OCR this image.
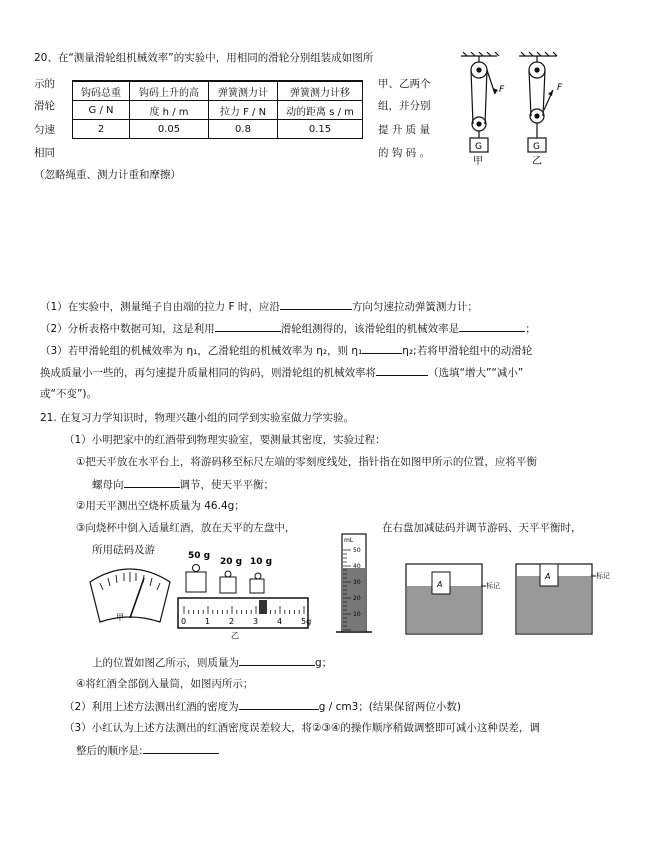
20、在“测量滑轮组机械效率”的实验中，用相同的滑轮分别组装成如图所
示的
滑轮
匀速
相同
钩码总重	钩码上升的高	弹簧测力计	弹簧测力计移
G / N	度 h / m	拉力 F / N	动的距离 s / m
2	0.05	0.8	0.15
甲、乙两个
组，并分别
提 升 质 量
的 钩 码 。
F	F
G	G
甲	乙
（忽略绳重、测力计重和摩擦）
（1）在实验中，测量绳子自由端的拉力 F 时，应沿	方向匀速拉动弹簧测力计；
（2）分析表格中数据可知，这是利用	滑轮组测得的，该滑轮组的机械效率是	；
（3）若甲滑轮组的机械效率为 η₁，乙滑轮组的机械效率为 η₂，则 η₁	η₂;若将甲滑轮组中的动滑轮
换成质量小一些的，再匀速提升质量相同的钩码，则滑轮组的机械效率将	（选填“增大”“减小”
或“不变”)。
21. 在复习力学知识时，物理兴趣小组的同学到实验室做力学实验。
（1）小明把家中的红酒带到物理实验室，要测量其密度，实验过程：
①把天平放在水平台上，将游码移至标尺左端的零刻度线处，指针指在如图甲所示的位置，应将平衡
螺母向	调节，使天平平衡；
②用天平测出空烧杯质量为 46.4g；
③向烧杯中倒入适量红酒，放在天平的左盘中，	在右盘加减砝码并调节游码、天平平衡时，
所用砝码及游
甲
50 g
20 g 10 g
0 1 2 3 4 5g
乙
mL
50
40
30
20
10
A	标记
A	标记
上的位置如图乙所示，则质量为	g；
④将红酒全部倒入量筒，如图丙所示；
（2）利用上述方法测出红酒的密度为	g / cm3；(结果保留两位小数)
（3）小红认为上述方法测出的红酒密度误差较大，将②③④的操作顺序稍做调整即可减小这种误差，调
整后的顺序是:
